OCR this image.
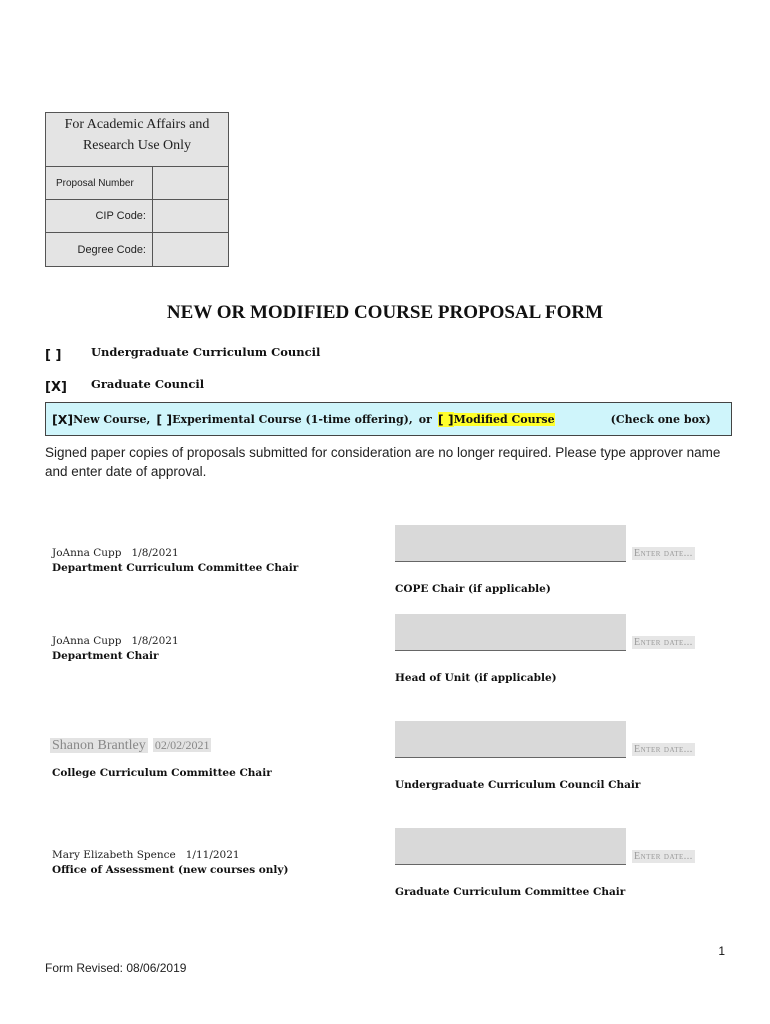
For Academic Affairs and Research Use Only
Proposal Number
CIP Code:
Degree Code:
NEW OR MODIFIED COURSE PROPOSAL FORM
[ ]	Undergraduate Curriculum Council
[X] Graduate Council
[X] New Course, [ ] Experimental Course (1-time offering), or [ ] Modified Course	(Check one box)
Signed paper copies of proposals submitted for consideration are no longer required. Please type approver name and enter date of approval.
JoAnna Cupp 1/8/2021
Department Curriculum Committee Chair
JoAnna Cupp 1/8/2021
Department Chair
Shanon Brantley 02/02/2021
College Curriculum Committee Chair
Mary Elizabeth Spence 1/11/2021
Office of Assessment (new courses only)
Enter date...
COPE Chair (if applicable)
Enter date...
Head of Unit (if applicable)
Enter date...
Undergraduate Curriculum Council Chair
Enter date...
Graduate Curriculum Committee Chair
1
Form Revised: 08/06/2019
